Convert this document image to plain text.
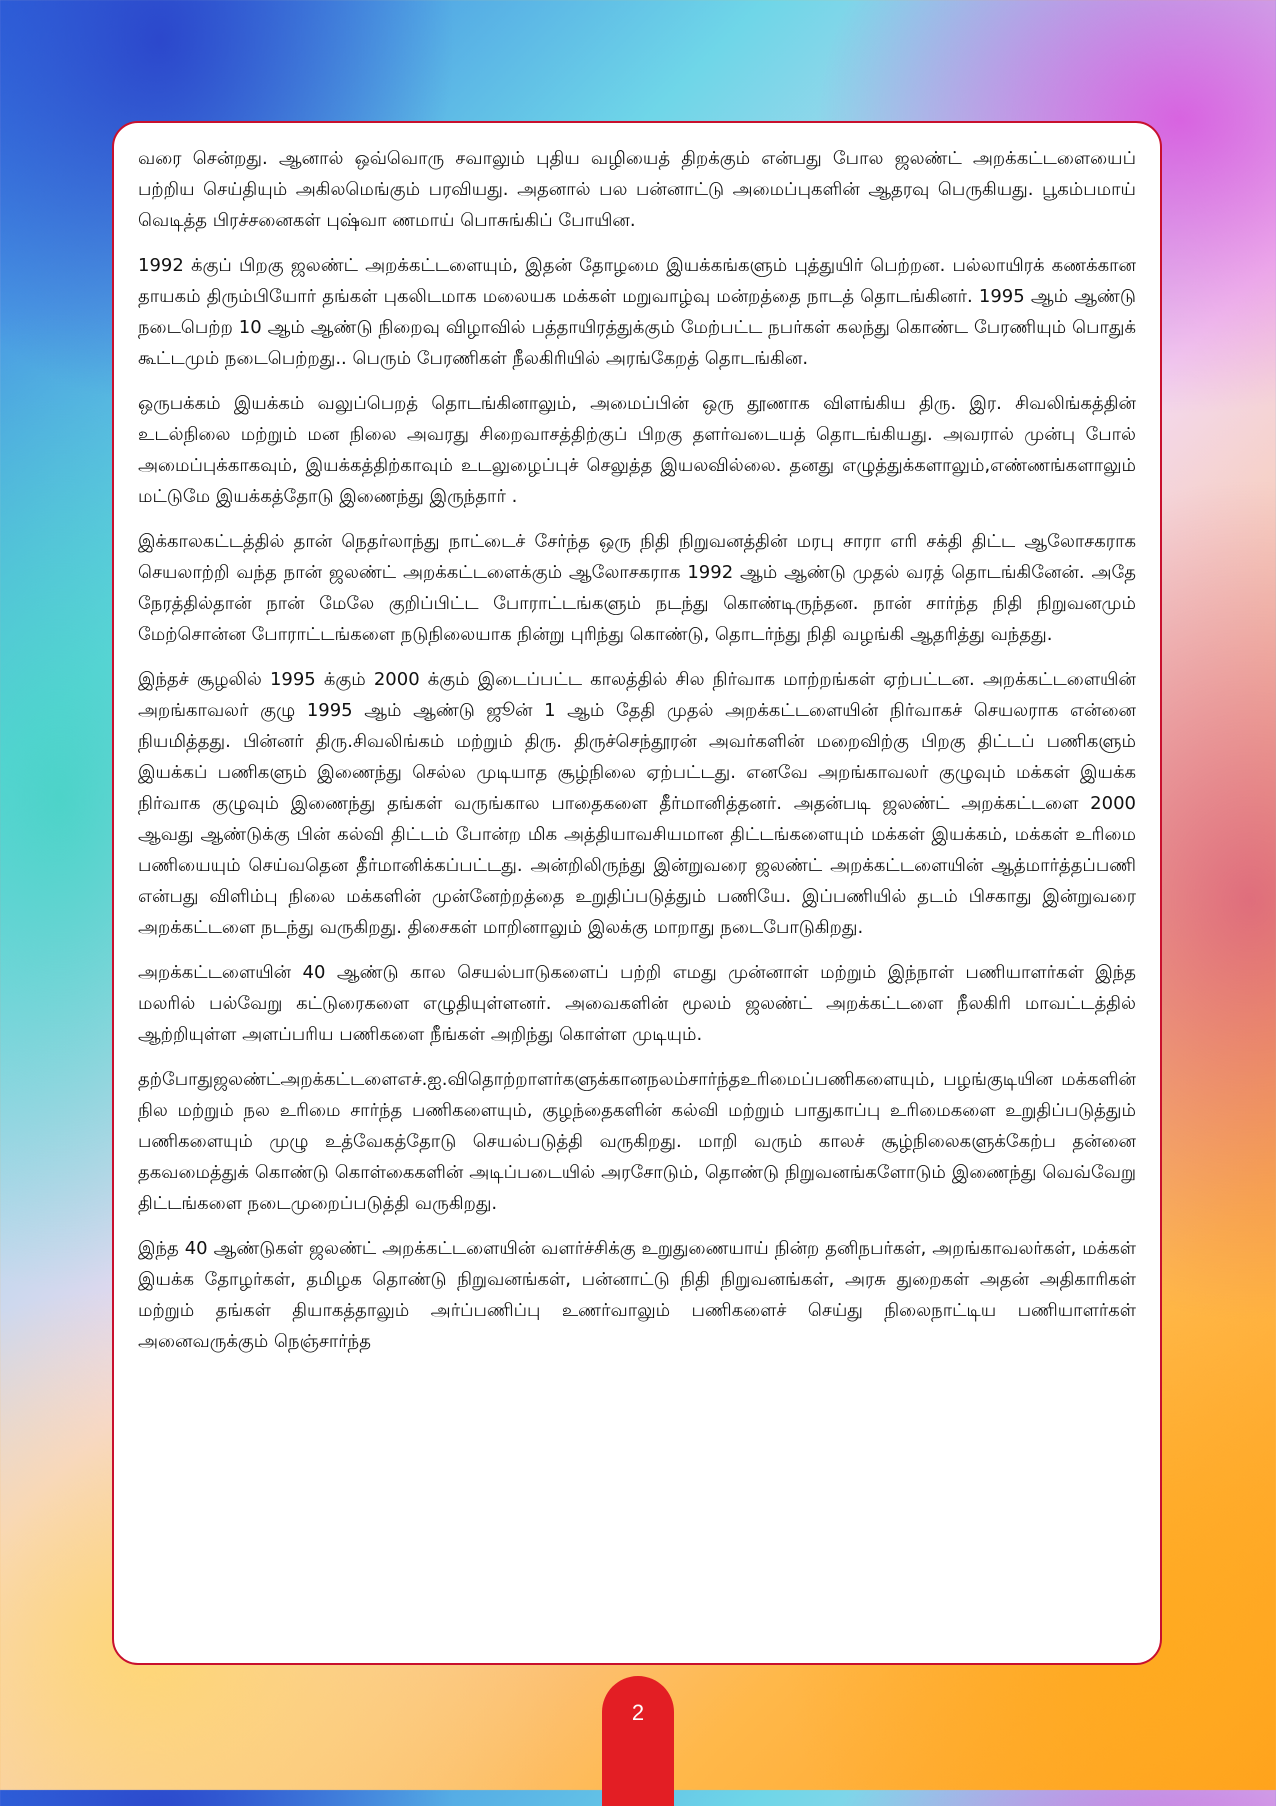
வரை சென்றது. ஆனால் ஒவ்வொரு சவாலும் புதிய வழியைத் திறக்கும் என்பது போல ஜலண்ட் அறக்கட்டளையைப் பற்றிய செய்தியும் அகிலமெங்கும் பரவியது. அதனால் பல பன்னாட்டு அமைப்புகளின் ஆதரவு பெருகியது. பூகம்பமாய் வெடித்த பிரச்சனைகள் புஷ்வா ணமாய் பொசுங்கிப் போயின.

1992 க்குப் பிறகு ஜலண்ட் அறக்கட்டளையும், இதன் தோழமை இயக்கங்களும் புத்துயிர் பெற்றன. பல்லாயிரக் கணக்கான தாயகம் திரும்பியோர் தங்கள் புகலிடமாக மலையக மக்கள் மறுவாழ்வு மன்றத்தை நாடத் தொடங்கினர். 1995 ஆம் ஆண்டு நடைபெற்ற 10 ஆம் ஆண்டு நிறைவு விழாவில் பத்தாயிரத்துக்கும் மேற்பட்ட நபர்கள் கலந்து கொண்ட பேரணியும் பொதுக் கூட்டமும் நடைபெற்றது.. பெரும் பேரணிகள் நீலகிரியில் அரங்கேறத் தொடங்கின.

ஒருபக்கம் இயக்கம் வலுப்பெறத் தொடங்கினாலும், அமைப்பின் ஒரு தூணாக விளங்கிய திரு. இர. சிவலிங்கத்தின் உடல்நிலை மற்றும் மன நிலை அவரது சிறைவாசத்திற்குப் பிறகு தளர்வடையத் தொடங்கியது. அவரால் முன்பு போல் அமைப்புக்காகவும், இயக்கத்திற்காவும் உடலுழைப்புச் செலுத்த இயலவில்லை. தனது எழுத்துக்களாலும்,எண்ணங்களாலும் மட்டுமே இயக்கத்தோடு இணைந்து இருந்தார் .

இக்காலகட்டத்தில் தான் நெதர்லாந்து நாட்டைச் சேர்ந்த ஒரு நிதி நிறுவனத்தின் மரபு சாரா எரி சக்தி திட்ட ஆலோசகராக செயலாற்றி வந்த நான் ஜலண்ட் அறக்கட்டளைக்கும் ஆலோசகராக 1992 ஆம் ஆண்டு முதல் வரத் தொடங்கினேன். அதே நேரத்தில்தான் நான் மேலே குறிப்பிட்ட போராட்டங்களும் நடந்து கொண்டிருந்தன. நான் சார்ந்த நிதி நிறுவனமும் மேற்சொன்ன போராட்டங்களை நடுநிலையாக நின்று புரிந்து கொண்டு, தொடர்ந்து நிதி வழங்கி ஆதரித்து வந்தது.

இந்தச் சூழலில் 1995 க்கும் 2000 க்கும் இடைப்பட்ட காலத்தில் சில நிர்வாக மாற்றங்கள் ஏற்பட்டன. அறக்கட்டளையின் அறங்காவலர் குழு 1995 ஆம் ஆண்டு ஜூன் 1 ஆம் தேதி முதல் அறக்கட்டளையின் நிர்வாகச் செயலராக என்னை நியமித்தது. பின்னர் திரு.சிவலிங்கம் மற்றும் திரு. திருச்செந்தூரன் அவர்களின் மறைவிற்கு பிறகு திட்டப் பணிகளும் இயக்கப் பணிகளும் இணைந்து செல்ல முடியாத சூழ்நிலை ஏற்பட்டது. எனவே அறங்காவலர் குழுவும் மக்கள் இயக்க நிர்வாக குழுவும் இணைந்து தங்கள் வருங்கால பாதைகளை தீர்மானித்தனர். அதன்படி ஜலண்ட் அறக்கட்டளை 2000 ஆவது ஆண்டுக்கு பின் கல்வி திட்டம் போன்ற மிக அத்தியாவசியமான திட்டங்களையும் மக்கள் இயக்கம், மக்கள் உரிமை பணியையும் செய்வதென தீர்மானிக்கப்பட்டது. அன்றிலிருந்து இன்றுவரை ஜலண்ட் அறக்கட்டளையின் ஆத்மார்த்தப்பணி என்பது விளிம்பு நிலை மக்களின் முன்னேற்றத்தை உறுதிப்படுத்தும் பணியே. இப்பணியில் தடம் பிசகாது இன்றுவரை அறக்கட்டளை நடந்து வருகிறது. திசைகள் மாறினாலும் இலக்கு மாறாது நடைபோடுகிறது.

அறக்கட்டளையின் 40 ஆண்டு கால செயல்பாடுகளைப் பற்றி எமது முன்னாள் மற்றும் இந்நாள் பணியாளர்கள் இந்த மலரில் பல்வேறு கட்டுரைகளை எழுதியுள்ளனர். அவைகளின் மூலம் ஜலண்ட் அறக்கட்டளை நீலகிரி மாவட்டத்தில் ஆற்றியுள்ள அளப்பரிய பணிகளை நீங்கள் அறிந்து கொள்ள முடியும்.

தற்போதுஜலண்ட்அறக்கட்டளைஎச்.ஐ.விதொற்றாளர்களுக்கானநலம்சார்ந்தஉரிமைப்பணிகளையும், பழங்குடியின மக்களின் நில மற்றும் நல உரிமை சார்ந்த பணிகளையும், குழந்தைகளின் கல்வி மற்றும் பாதுகாப்பு உரிமைகளை உறுதிப்படுத்தும் பணிகளையும் முழு உத்வேகத்தோடு செயல்படுத்தி வருகிறது. மாறி வரும் காலச் சூழ்நிலைகளுக்கேற்ப தன்னை தகவமைத்துக் கொண்டு கொள்கைகளின் அடிப்படையில் அரசோடும், தொண்டு நிறுவனங்களோடும் இணைந்து வெவ்வேறு திட்டங்களை நடைமுறைப்படுத்தி வருகிறது.

இந்த 40 ஆண்டுகள் ஜலண்ட் அறக்கட்டளையின் வளர்ச்சிக்கு உறுதுணையாய் நின்ற தனிநபர்கள், அறங்காவலர்கள், மக்கள் இயக்க தோழர்கள், தமிழக தொண்டு நிறுவனங்கள், பன்னாட்டு நிதி நிறுவனங்கள், அரசு துறைகள் அதன் அதிகாரிகள் மற்றும் தங்கள் தியாகத்தாலும் அர்ப்பணிப்பு உணர்வாலும் பணிகளைச் செய்து நிலைநாட்டிய பணியாளர்கள் அனைவருக்கும் நெஞ்சார்ந்த

2
